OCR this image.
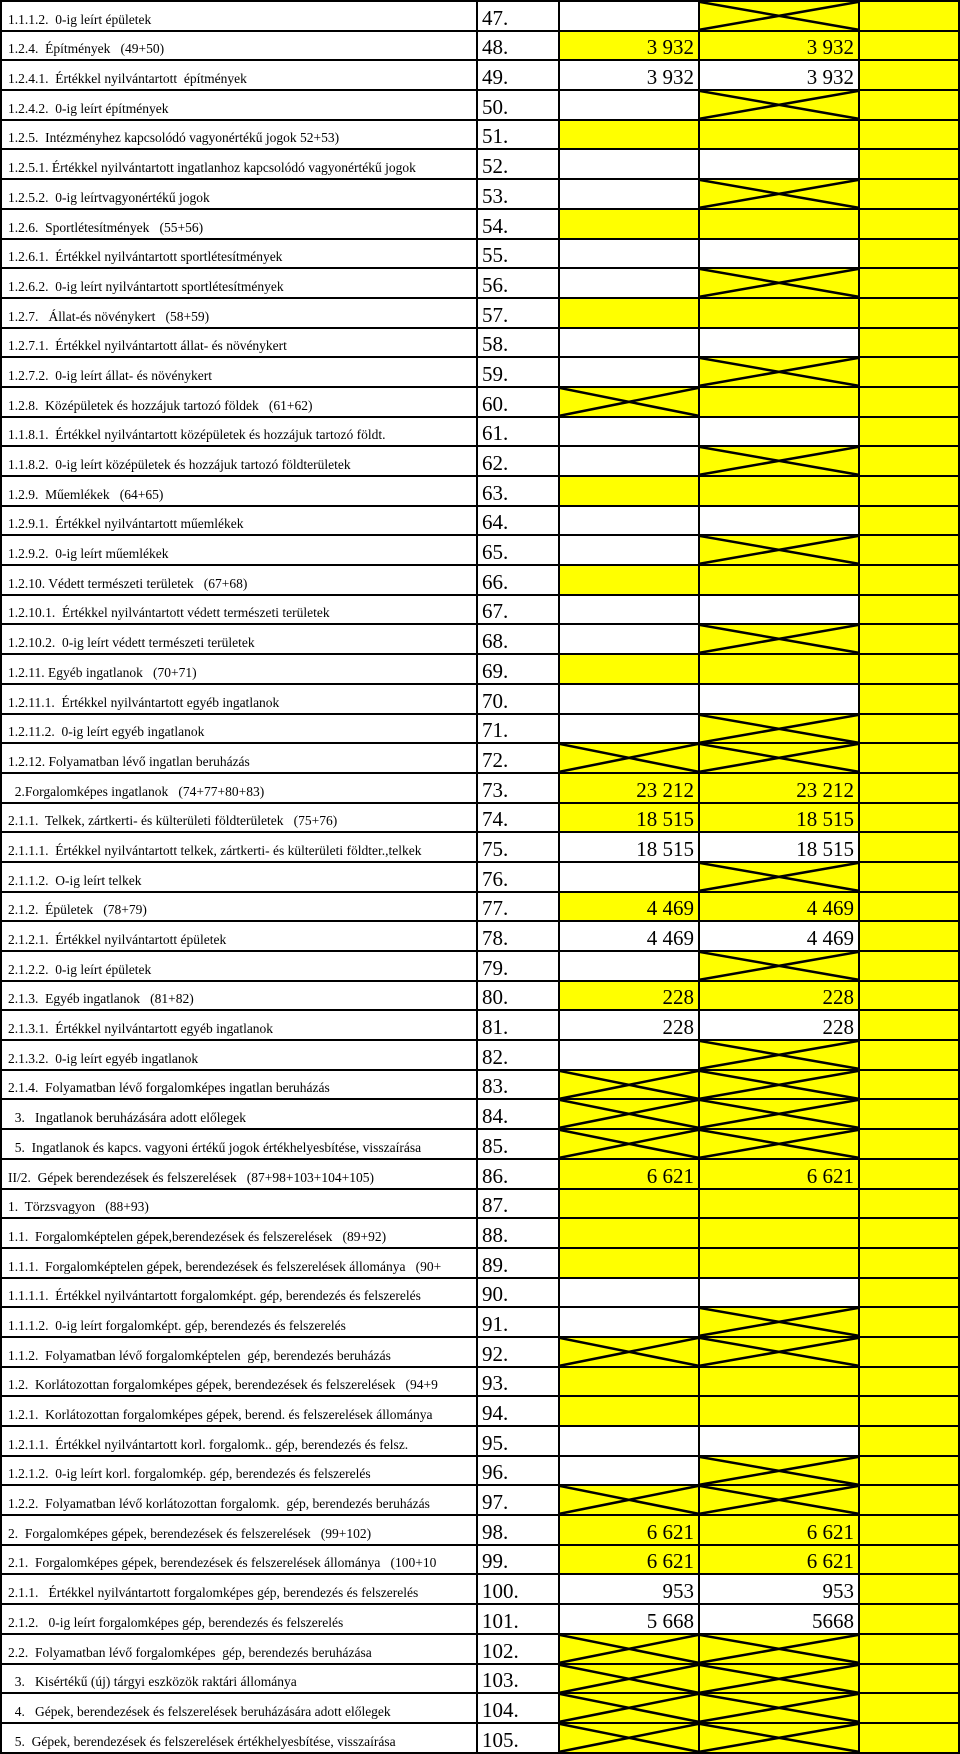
1.1.1.2.  0-ig leírt épületek	47.

1.2.4.  Építmények   (49+50)	48.	3 932	3 932	

1.2.4.1.  Értékkel nyilvántartott  építmények	49.	3 932	3 932	

1.2.4.2.  0-ig leírt építmények	50.

1.2.5.  Intézményhez kapcsolódó vagyonértékű jogok 52+53)	51.			

1.2.5.1. Értékkel nyilvántartott ingatlanhoz kapcsolódó vagyonértékű jogok	52.			

1.2.5.2.  0-ig leírtvagyonértékű jogok	53.

1.2.6.  Sportlétesítmények   (55+56)	54.			

1.2.6.1.  Értékkel nyilvántartott sportlétesítmények	55.			

1.2.6.2.  0-ig leírt nyilvántartott sportlétesítmények	56.

1.2.7.   Állat-és növénykert   (58+59)	57.			

1.2.7.1.  Értékkel nyilvántartott állat- és növénykert	58.			

1.2.7.2.  0-ig leírt állat- és növénykert	59.

1.2.8.  Középületek és hozzájuk tartozó földek   (61+62)	60.

1.1.8.1.  Értékkel nyilvántartott középületek és hozzájuk tartozó földt.	61.			

1.1.8.2.  0-ig leírt középületek és hozzájuk tartozó földterületek	62.

1.2.9.  Műemlékek   (64+65)	63.			

1.2.9.1.  Értékkel nyilvántartott műemlékek	64.			

1.2.9.2.  0-ig leírt műemlékek	65.

1.2.10. Védett természeti területek   (67+68)	66.			

1.2.10.1.  Értékkel nyilvántartott védett természeti területek	67.			

1.2.10.2.  0-ig leírt védett természeti területek	68.

1.2.11. Egyéb ingatlanok   (70+71)	69.			

1.2.11.1.  Értékkel nyilvántartott egyéb ingatlanok	70.			

1.2.11.2.  0-ig leírt egyéb ingatlanok	71.

1.2.12. Folyamatban lévő ingatlan beruházás	72.

2.Forgalomképes ingatlanok   (74+77+80+83)	73.	23 212	23 212	

2.1.1.  Telkek, zártkerti- és külterületi földterületek   (75+76)	74.	18 515	18 515	

2.1.1.1.  Értékkel nyilvántartott telkek, zártkerti- és külterületi földter.,telkek	75.	18 515	18 515	

2.1.1.2.  O-ig leírt telkek	76.

2.1.2.  Épületek   (78+79)	77.	4 469	4 469	

2.1.2.1.  Értékkel nyilvántartott épületek	78.	4 469	4 469	

2.1.2.2.  0-ig leírt épületek	79.

2.1.3.  Egyéb ingatlanok   (81+82)	80.	228	228	

2.1.3.1.  Értékkel nyilvántartott egyéb ingatlanok	81.	228	228	

2.1.3.2.  0-ig leírt egyéb ingatlanok	82.

2.1.4.  Folyamatban lévő forgalomképes ingatlan beruházás	83.

3.   Ingatlanok beruházására adott előlegek	84.

5.  Ingatlanok és kapcs. vagyoni értékű jogok értékhelyesbítése, visszaírása	85.

II/2.  Gépek berendezések és felszerelések   (87+98+103+104+105)	86.	6 621	6 621	

1.  Törzsvagyon   (88+93)	87.			

1.1.  Forgalomképtelen gépek,berendezések és felszerelések   (89+92)	88.			

1.1.1.  Forgalomképtelen gépek, berendezések és felszerelések állománya   (90+	89.			

1.1.1.1.  Értékkel nyilvántartott forgalomképt. gép, berendezés és felszerelés	90.			

1.1.1.2.  0-ig leírt forgalomképt. gép, berendezés és felszerelés	91.

1.1.2.  Folyamatban lévő forgalomképtelen  gép, berendezés beruházás	92.

1.2.  Korlátozottan forgalomképes gépek, berendezések és felszerelések   (94+9	93.			

1.2.1.  Korlátozottan forgalomképes gépek, berend. és felszerelések állománya	94.			

1.2.1.1.  Értékkel nyilvántartott korl. forgalomk.. gép, berendezés és felsz.	95.			

1.2.1.2.  0-ig leírt korl. forgalomkép. gép, berendezés és felszerelés	96.

1.2.2.  Folyamatban lévő korlátozottan forgalomk.  gép, berendezés beruházás	97.

2.  Forgalomképes gépek, berendezések és felszerelések   (99+102)	98.	6 621	6 621	

2.1.  Forgalomképes gépek, berendezések és felszerelések állománya   (100+10	99.	6 621	6 621	

2.1.1.   Értékkel nyilvántartott forgalomképes gép, berendezés és felszerelés	100.	953	953	

2.1.2.   0-ig leírt forgalomképes gép, berendezés és felszerelés	101.	5 668	5668	

2.2.  Folyamatban lévő forgalomképes  gép, berendezés beruházása	102.

3.   Kisértékű (új) tárgyi eszközök raktári állománya	103.

4.   Gépek, berendezések és felszerelések beruházására adott előlegek	104.

5.  Gépek, berendezések és felszerelések értékhelyesbítése, visszaírása	105.
